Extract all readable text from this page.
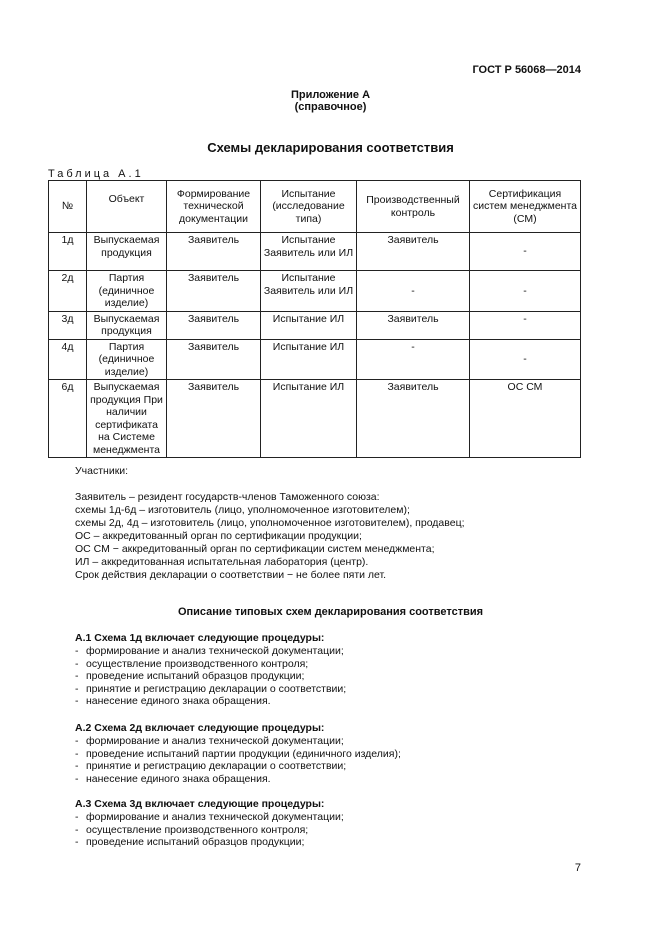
ГОСТ Р 56068—2014
Приложение А
(справочное)
Схемы декларирования соответствия
Таблица А.1
№	Объект	Формирование технической документации	Испытание (исследование типа)	Производственный контроль	Сертификация систем менеджмента (СМ)
1д	Выпускаемая продукция	Заявитель	Испытание Заявитель или ИЛ	Заявитель	-
2д	Партия (единичное изделие)	Заявитель	Испытание Заявитель или ИЛ	-	-
3д	Выпускаемая продукция	Заявитель	Испытание ИЛ	Заявитель	-
4д	Партия (единичное изделие)	Заявитель	Испытание ИЛ	-	-
6д	Выпускаемая продукция При наличии сертификата на Системе менеджмента	Заявитель	Испытание ИЛ	Заявитель	ОС СМ
Участники:
Заявитель – резидент государств-членов Таможенного союза:
схемы 1д-6д – изготовитель (лицо, уполномоченное изготовителем);
схемы 2д, 4д – изготовитель (лицо, уполномоченное изготовителем), продавец;
ОС – аккредитованный орган по сертификации продукции;
ОС СМ − аккредитованный орган по сертификации систем менеджмента;
ИЛ – аккредитованная испытательная лаборатория (центр).
Срок действия декларации о соответствии − не более пяти лет.
Описание типовых схем декларирования соответствия
А.1 Схема 1д включает следующие процедуры:
- формирование и анализ технической документации;
- осуществление производственного контроля;
- проведение испытаний образцов продукции;
- принятие и регистрацию декларации о соответствии;
- нанесение единого знака обращения.
А.2 Схема 2д включает следующие процедуры:
- формирование и анализ технической документации;
- проведение испытаний партии продукции (единичного изделия);
- принятие и регистрацию декларации о соответствии;
- нанесение единого знака обращения.
А.3 Схема 3д включает следующие процедуры:
- формирование и анализ технической документации;
- осуществление производственного контроля;
- проведение испытаний образцов продукции;
7
